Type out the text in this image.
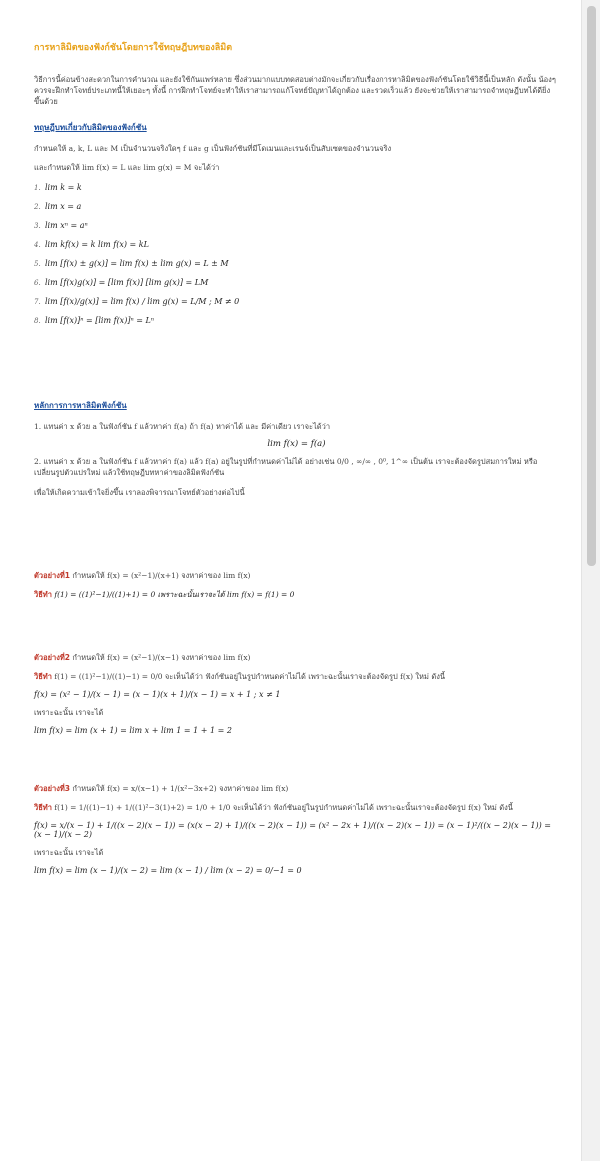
การหาลิมิตของฟังก์ชันโดยการใช้ทฤษฎีบทของลิมิต

วิธีการนี้ค่อนข้างสะดวกในการคำนวณ และยังใช้กันแพร่หลาย ซึ่งส่วนมากแบบทดสอบต่างมักจะเกี่ยวกับเรื่องการหาลิมิตของฟังก์ชันโดยใช้วิธีนี้เป็นหลัก ดังนั้น น้องๆควรจะฝึกทำโจทย์ประเภทนี้ให้เยอะๆ ทั้งนี้ การฝึกทำโจทย์จะทำให้เราสามารถแก้โจทย์ปัญหาได้ถูกต้อง และรวดเร็วแล้ว ยังจะช่วยให้เราสามารถจำทฤษฎีบทได้ดียิ่งขึ้นด้วย

ทฤษฎีบทเกี่ยวกับลิมิตของฟังก์ชัน

กำหนดให้ a, k, L และ M เป็นจำนวนจริงใดๆ f และ g เป็นฟังก์ชันที่มีโดเมนและเรนจ์เป็นสับเซตของจำนวนจริง

และกำหนดให้ lim f(x) = L และ lim g(x) = M จะได้ว่า

1. lim k = k
2. lim x = a
3. lim xⁿ = aⁿ
4. lim kf(x) = k lim f(x) = kL
5. lim [f(x) ± g(x)] = lim f(x) ± lim g(x) = L ± M
6. lim [f(x)g(x)] = [lim f(x)] [lim g(x)] = LM
7. lim [f(x)/g(x)] = lim f(x) / lim g(x) = L/M ; M ≠ 0
8. lim [f(x)]ⁿ = [lim f(x)]ⁿ = Lⁿ

หลักการการหาลิมิตฟังก์ชัน

1. แทนค่า x ด้วย a ในฟังก์ชัน f แล้วหาค่า f(a) ถ้า f(a) หาค่าได้ และ มีค่าเดียว เราจะได้ว่า

lim f(x) = f(a)

2. แทนค่า x ด้วย a ในฟังก์ชัน f แล้วหาค่า f(a) แล้ว f(a) อยู่ในรูปที่กำหนดค่าไม่ได้ อย่างเช่น 0/0 , ∞/∞ , 0⁰, 1^∞ เป็นต้น เราจะต้องจัดรูปสมการใหม่ หรือ เปลี่ยนรูปตัวแปรใหม่ แล้วใช้ทฤษฎีบทหาค่าของลิมิตฟังก์ชัน

เพื่อให้เกิดความเข้าใจยิ่งขึ้น เราลองพิจารณาโจทย์ตัวอย่างต่อไปนี้

ตัวอย่างที่1 กำหนดให้ f(x) = (x²−1)/(x+1) จงหาค่าของ lim f(x)

วิธีทำ f(1) = ((1)²−1)/((1)+1) = 0 เพราะฉะนั้นเราจะได้ lim f(x) = f(1) = 0

ตัวอย่างที่2 กำหนดให้ f(x) = (x²−1)/(x−1) จงหาค่าของ lim f(x)

วิธีทำ f(1) = ((1)²−1)/((1)−1) = 0/0 จะเห็นได้ว่า ฟังก์ชันอยู่ในรูปกำหนดค่าไม่ได้ เพราะฉะนั้นเราจะต้องจัดรูป f(x) ใหม่ ดังนี้

f(x) = (x² − 1)/(x − 1) = (x − 1)(x + 1)/(x − 1) = x + 1 ; x ≠ 1

เพราะฉะนั้น เราจะได้

lim f(x) = lim (x + 1) = lim x + lim 1 = 1 + 1 = 2

ตัวอย่างที่3 กำหนดให้ f(x) = x/(x−1) + 1/(x²−3x+2) จงหาค่าของ lim f(x)

วิธีทำ f(1) = 1/((1)−1) + 1/((1)²−3(1)+2) = 1/0 + 1/0 จะเห็นได้ว่า ฟังก์ชันอยู่ในรูปกำหนดค่าไม่ได้ เพราะฉะนั้นเราจะต้องจัดรูป f(x) ใหม่ ดังนี้

f(x) = x/(x − 1) + 1/((x − 2)(x − 1)) = (x(x − 2) + 1)/((x − 2)(x − 1)) = (x² − 2x + 1)/((x − 2)(x − 1)) = (x − 1)²/((x − 2)(x − 1)) = (x − 1)/(x − 2)

เพราะฉะนั้น เราจะได้

lim f(x) = lim (x − 1)/(x − 2) = lim (x − 1) / lim (x − 2) = 0/−1 = 0
